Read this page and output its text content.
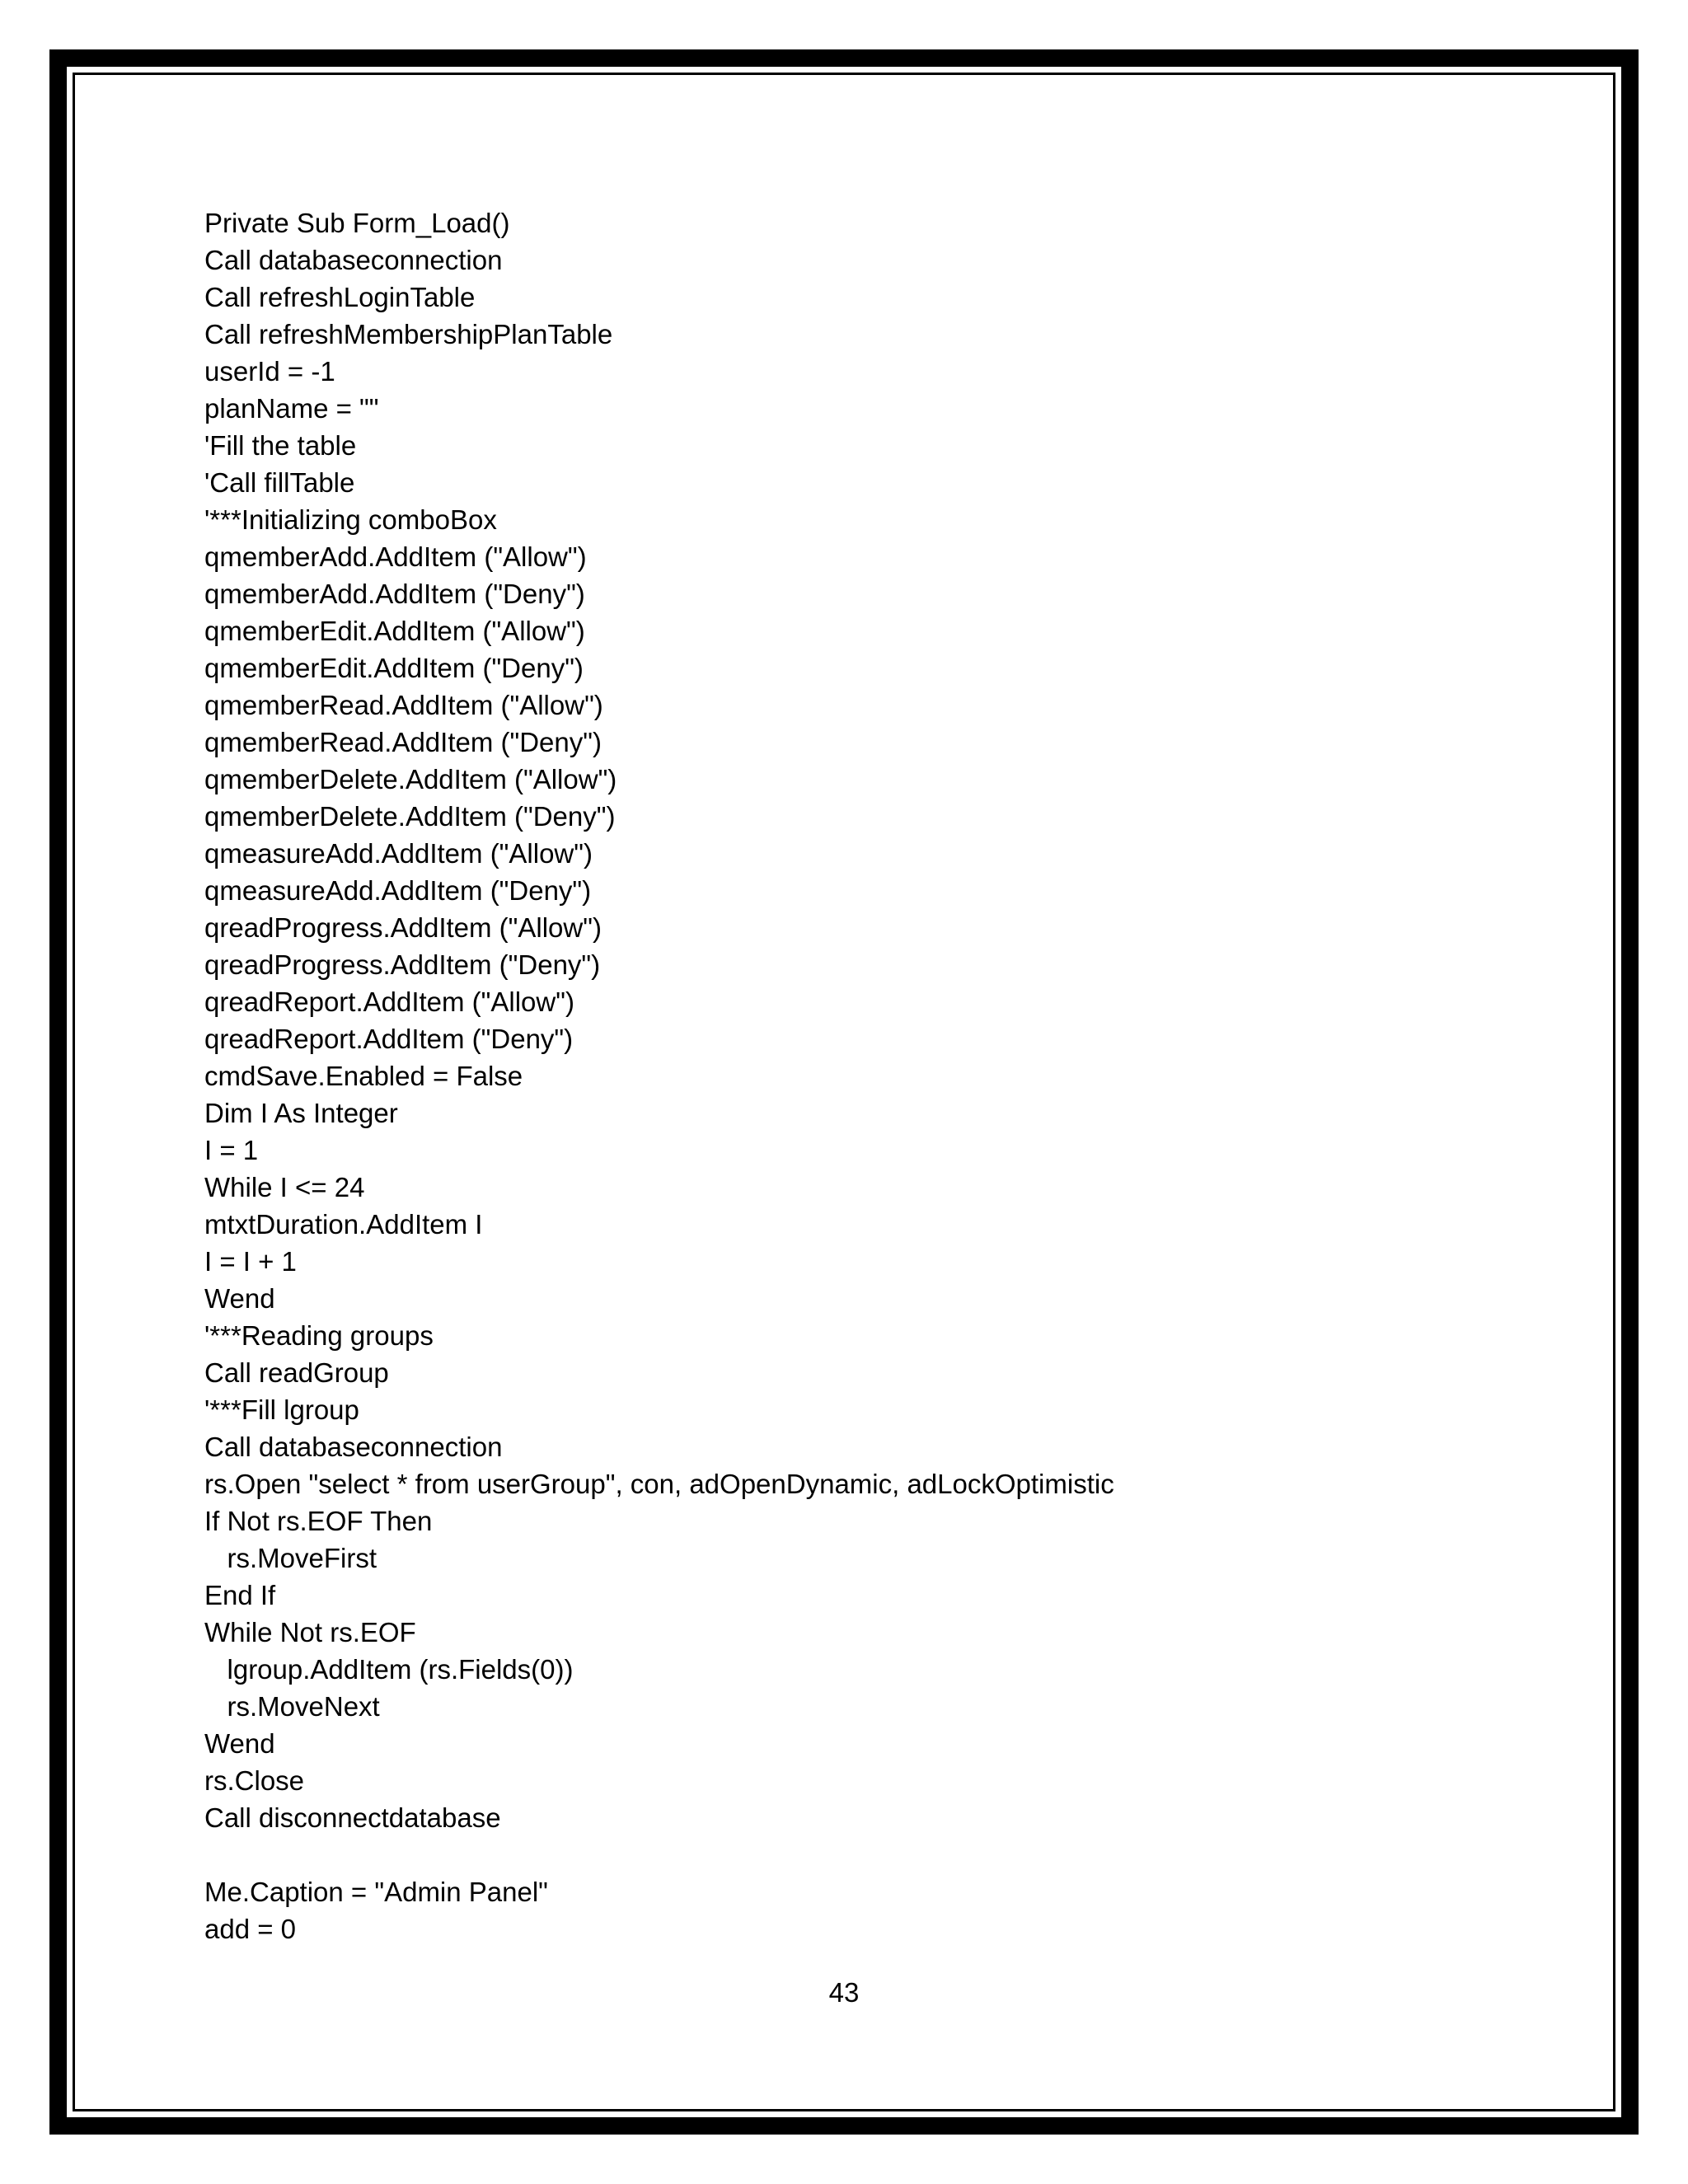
Private Sub Form_Load()
Call databaseconnection
Call refreshLoginTable
Call refreshMembershipPlanTable
userId = -1
planName = ""
'Fill the table
'Call fillTable
'***Initializing comboBox
qmemberAdd.AddItem ("Allow")
qmemberAdd.AddItem ("Deny")
qmemberEdit.AddItem ("Allow")
qmemberEdit.AddItem ("Deny")
qmemberRead.AddItem ("Allow")
qmemberRead.AddItem ("Deny")
qmemberDelete.AddItem ("Allow")
qmemberDelete.AddItem ("Deny")
qmeasureAdd.AddItem ("Allow")
qmeasureAdd.AddItem ("Deny")
qreadProgress.AddItem ("Allow")
qreadProgress.AddItem ("Deny")
qreadReport.AddItem ("Allow")
qreadReport.AddItem ("Deny")
cmdSave.Enabled = False
Dim I As Integer
I = 1
While I <= 24
mtxtDuration.AddItem I
I = I + 1
Wend
'***Reading groups
Call readGroup
'***Fill lgroup
Call databaseconnection
rs.Open "select * from userGroup", con, adOpenDynamic, adLockOptimistic
If Not rs.EOF Then
rs.MoveFirst
End If
While Not rs.EOF
lgroup.AddItem (rs.Fields(0))
rs.MoveNext
Wend
rs.Close
Call disconnectdatabase
Me.Caption = "Admin Panel"
add = 0
43
